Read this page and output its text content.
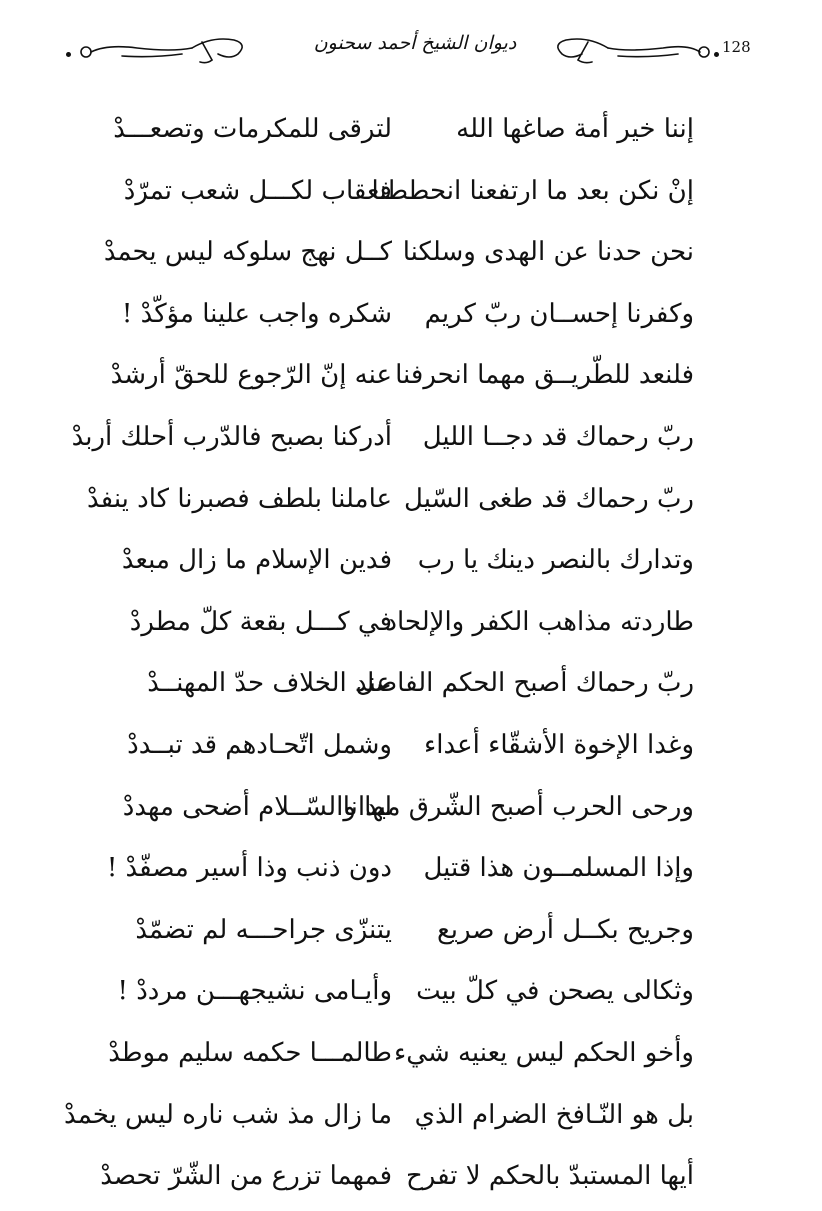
ديوان الشيخ أحمد سحنون	128
إننا خير أمة صاغها الله
لترقى للمكرمات وتصعـــدْ
إنْ نكن بعد ما ارتفعنا انحططنا
فعقاب لكـــل شعب تمرّدْ
نحن حدنا عن الهدى وسلكنا
كــل نهج سلوكه ليس يحمدْ
وكفرنا إحســان ربّ كريم
شكره واجب علينا مؤكّدْ !
فلنعد للطّريــق مهما انحرفنا
عنه إنّ الرّجوع للحقّ أرشدْ
ربّ رحماك قد دجــا الليل
أدركنا بصبح فالدّرب أحلك أربدْ
ربّ رحماك قد طغى السّيل
عاملنا بلطف فصبرنا كاد ينفدْ
وتدارك بالنصر دينك يا رب
فدين الإسلام ما زال مبعدْ
طاردته مذاهب الكفر والإلحاد
في كـــل بقعة كلّ مطردْ
ربّ رحماك أصبح الحكم الفاصل
عند الخلاف حدّ المهنــدْ
وغدا الإخوة الأشقّاء أعداء
وشمل اتّحـادهم قد تبــددْ
ورحى الحرب أصبح الشّرق ميدانا
لها والسّــلام أضحى مهددْ
وإذا المسلمــون هذا قتيل
دون ذنب وذا أسير مصفّدْ !
وجريح بكــل أرض صريع
يتنزّى جراحـــه لم تضمّدْ
وثكالى يصحن في كلّ بيت
وأيـامى نشيجهـــن مرددْ !
وأخو الحكم ليس يعنيه شيء
طالمـــا حكمه سليم موطدْ
بل هو النّـافخ الضرام الذي
ما زال مذ شب ناره ليس يخمدْ
أيها المستبدّ بالحكم لا تفرح
فمهما تزرع من الشّرّ تحصدْ
